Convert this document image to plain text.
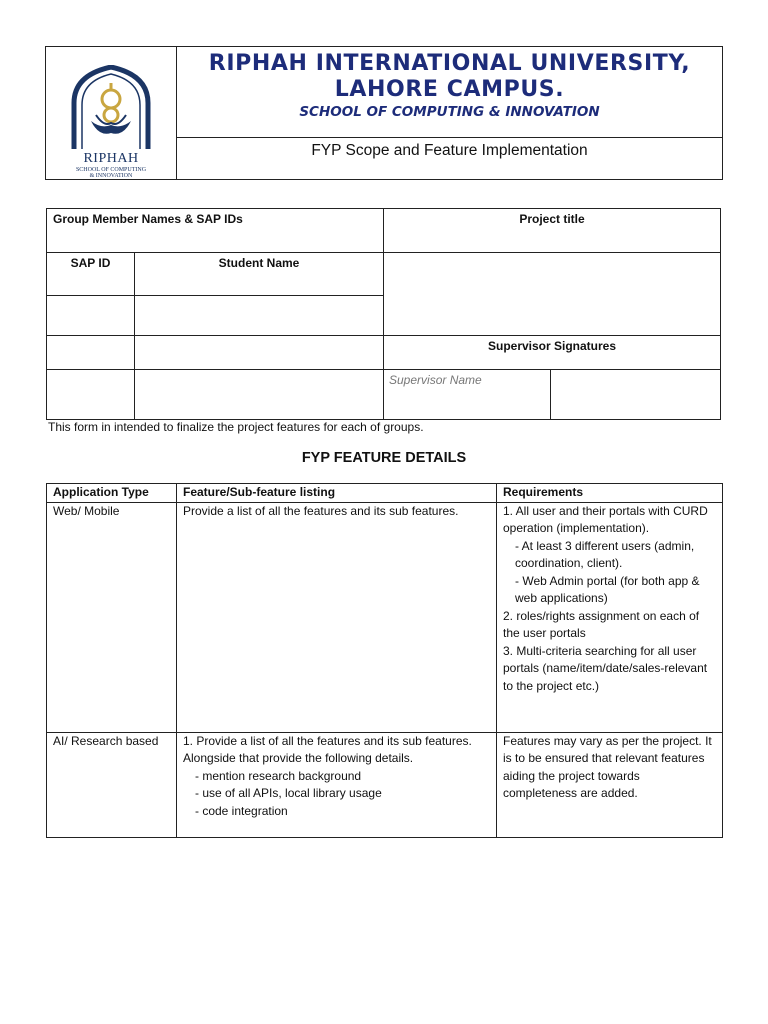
RIPHAH
SCHOOL OF COMPUTING
& INNOVATION

RIPHAH INTERNATIONAL UNIVERSITY,
LAHORE CAMPUS.

SCHOOL OF COMPUTING & INNOVATION

FYP Scope and Feature Implementation

Group Member Names & SAP IDs		Project title	
SAP ID	Student Name		

		Supervisor Signatures	
		Supervisor Name	

This form in intended to finalize the project features for each of groups.

FYP FEATURE DETAILS

Application Type	Feature/Sub-feature listing	Requirements
Web/ Mobile	Provide a list of all the features and its sub features.	1. All user and their portals with CURD operation (implementation).
- At least 3 different users (admin, coordination, client).
- Web Admin portal (for both app & web applications)
2. roles/rights assignment on each of the user portals
3. Multi-criteria searching for all user portals (name/item/date/sales-relevant to the project etc.)

AI/ Research based	1. Provide a list of all the features and its sub features. Alongside that provide the following details.
- mention research background
- use of all APIs, local library usage
- code integration	Features may vary as per the project. It is to be ensured that relevant features aiding the project towards completeness are added.
